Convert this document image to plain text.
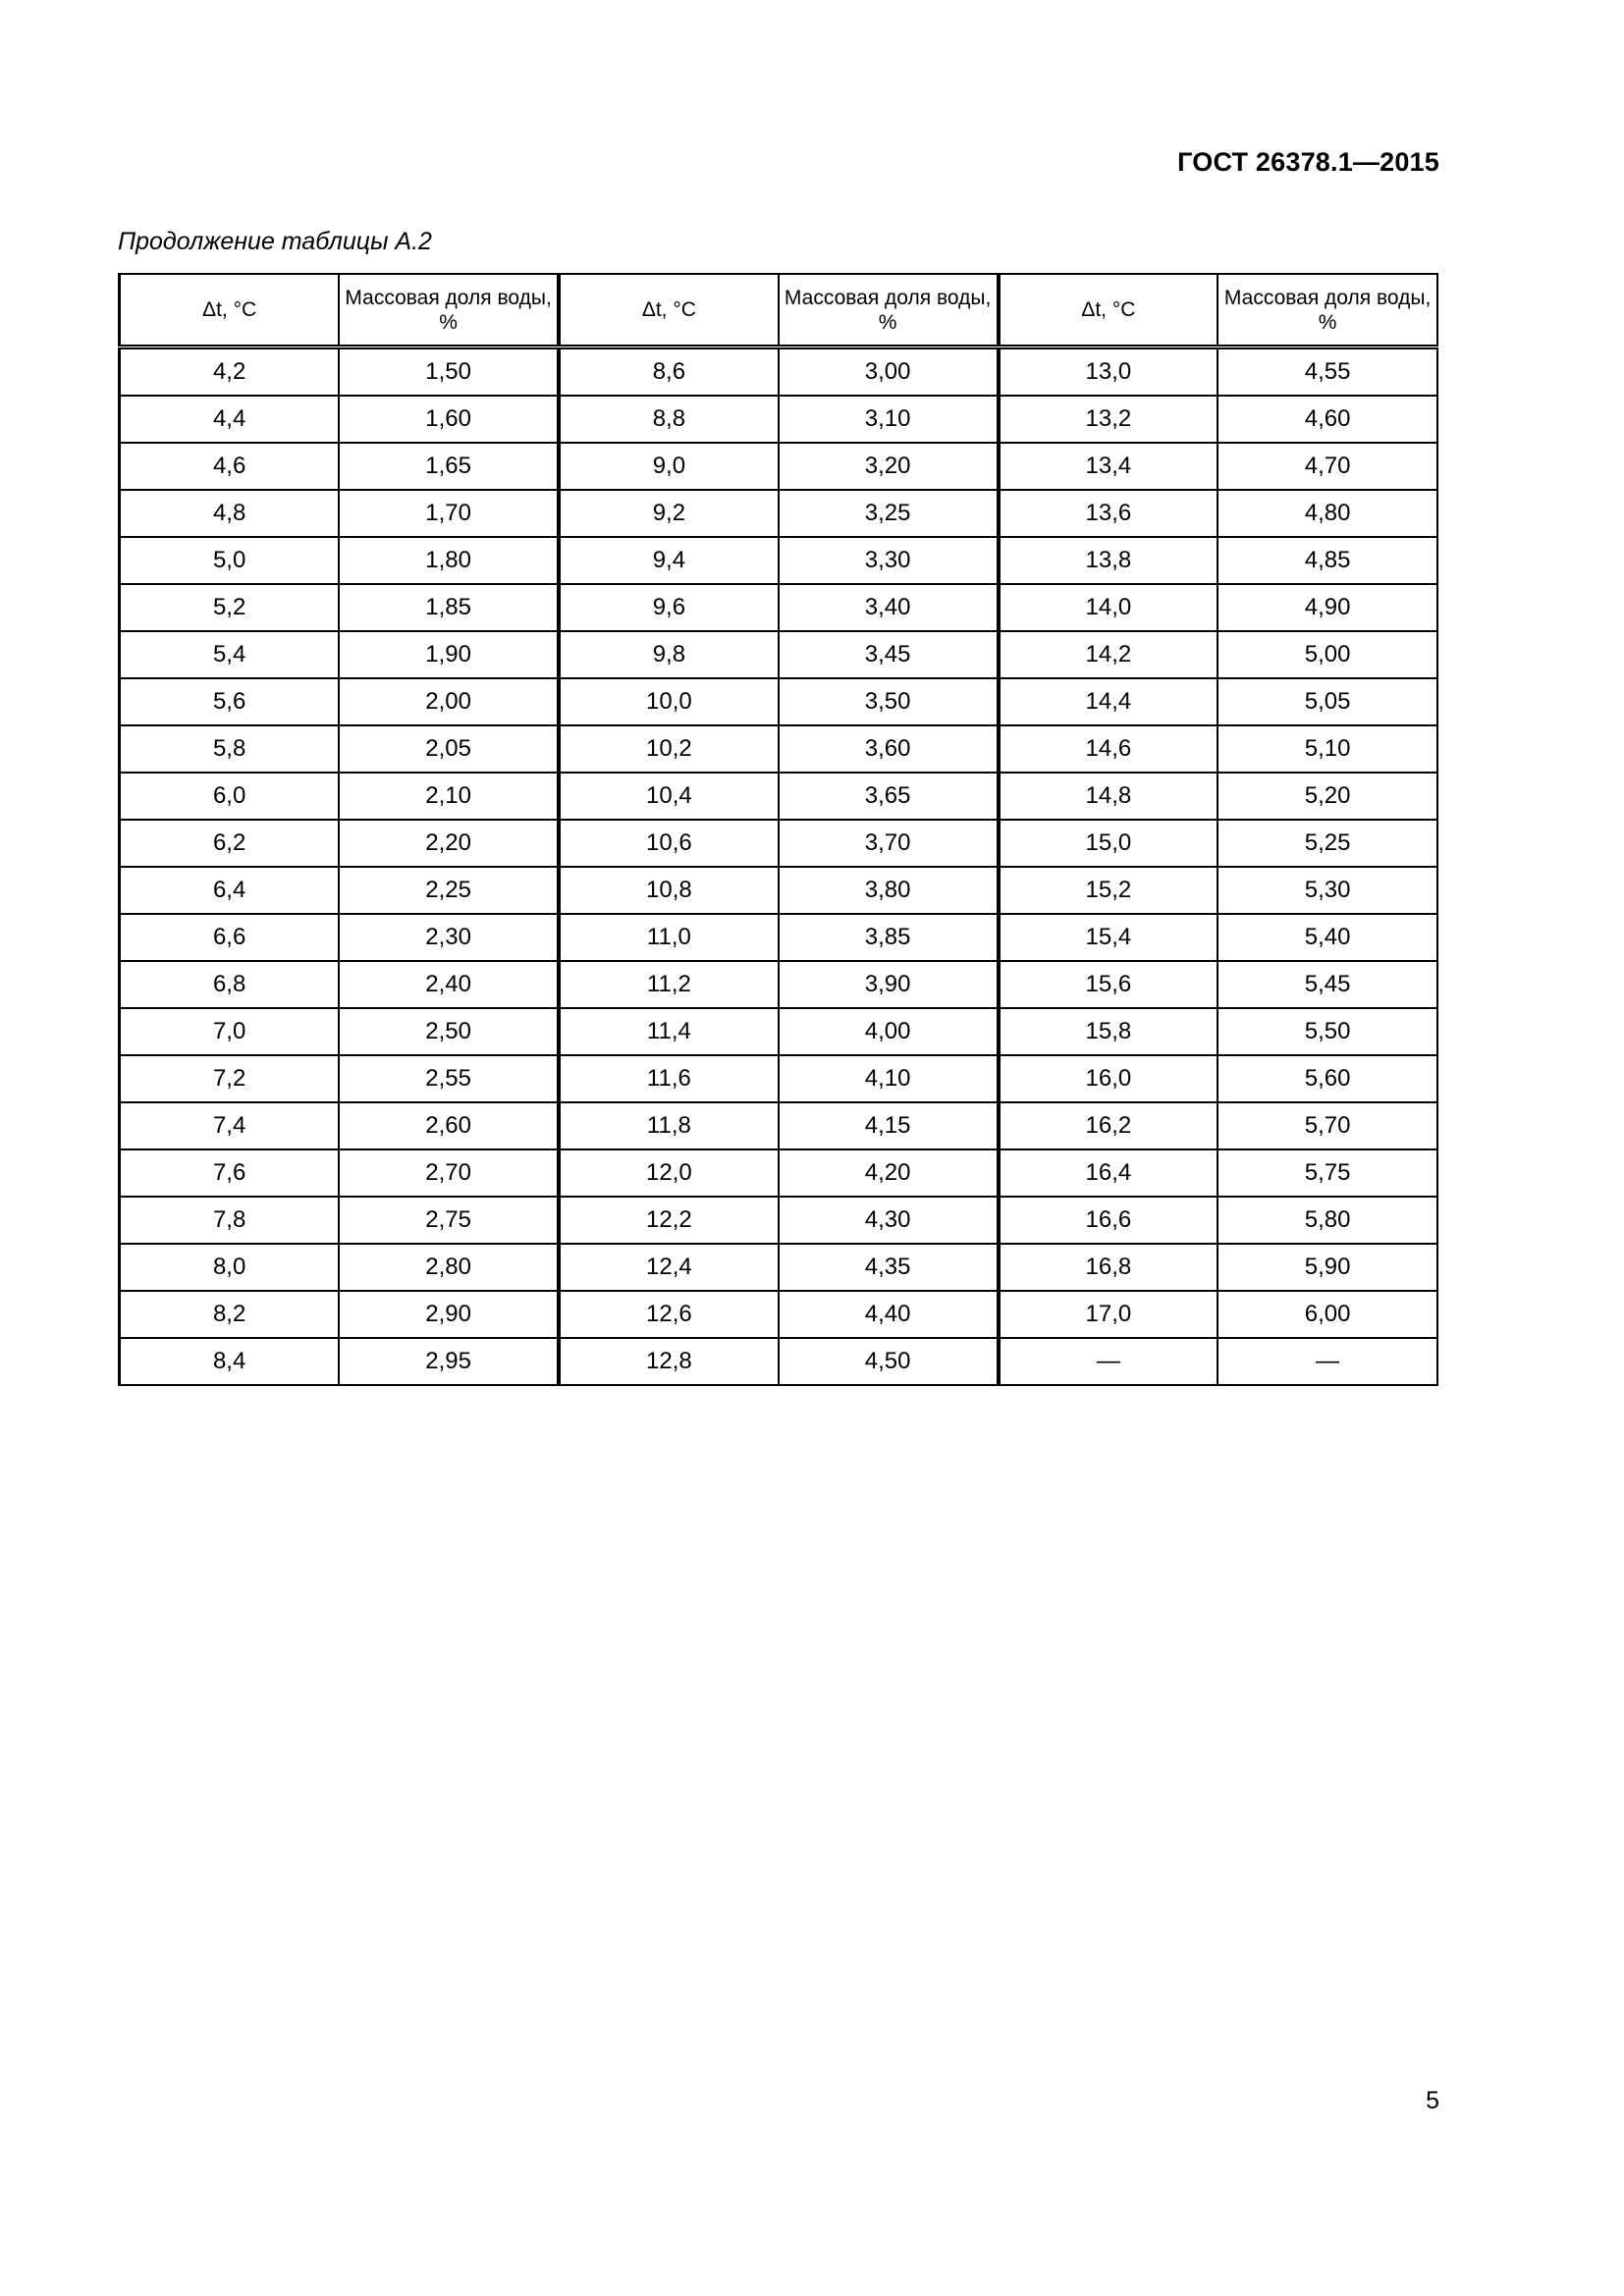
ГОСТ 26378.1—2015
Продолжение таблицы А.2
Δt, °C	Массовая доля воды, %	Δt, °C	Массовая доля воды, %	Δt, °C	Массовая доля воды, %
4,2	1,50	8,6	3,00	13,0	4,55
4,4	1,60	8,8	3,10	13,2	4,60
4,6	1,65	9,0	3,20	13,4	4,70
4,8	1,70	9,2	3,25	13,6	4,80
5,0	1,80	9,4	3,30	13,8	4,85
5,2	1,85	9,6	3,40	14,0	4,90
5,4	1,90	9,8	3,45	14,2	5,00
5,6	2,00	10,0	3,50	14,4	5,05
5,8	2,05	10,2	3,60	14,6	5,10
6,0	2,10	10,4	3,65	14,8	5,20
6,2	2,20	10,6	3,70	15,0	5,25
6,4	2,25	10,8	3,80	15,2	5,30
6,6	2,30	11,0	3,85	15,4	5,40
6,8	2,40	11,2	3,90	15,6	5,45
7,0	2,50	11,4	4,00	15,8	5,50
7,2	2,55	11,6	4,10	16,0	5,60
7,4	2,60	11,8	4,15	16,2	5,70
7,6	2,70	12,0	4,20	16,4	5,75
7,8	2,75	12,2	4,30	16,6	5,80
8,0	2,80	12,4	4,35	16,8	5,90
8,2	2,90	12,6	4,40	17,0	6,00
8,4	2,95	12,8	4,50	—	—
5
